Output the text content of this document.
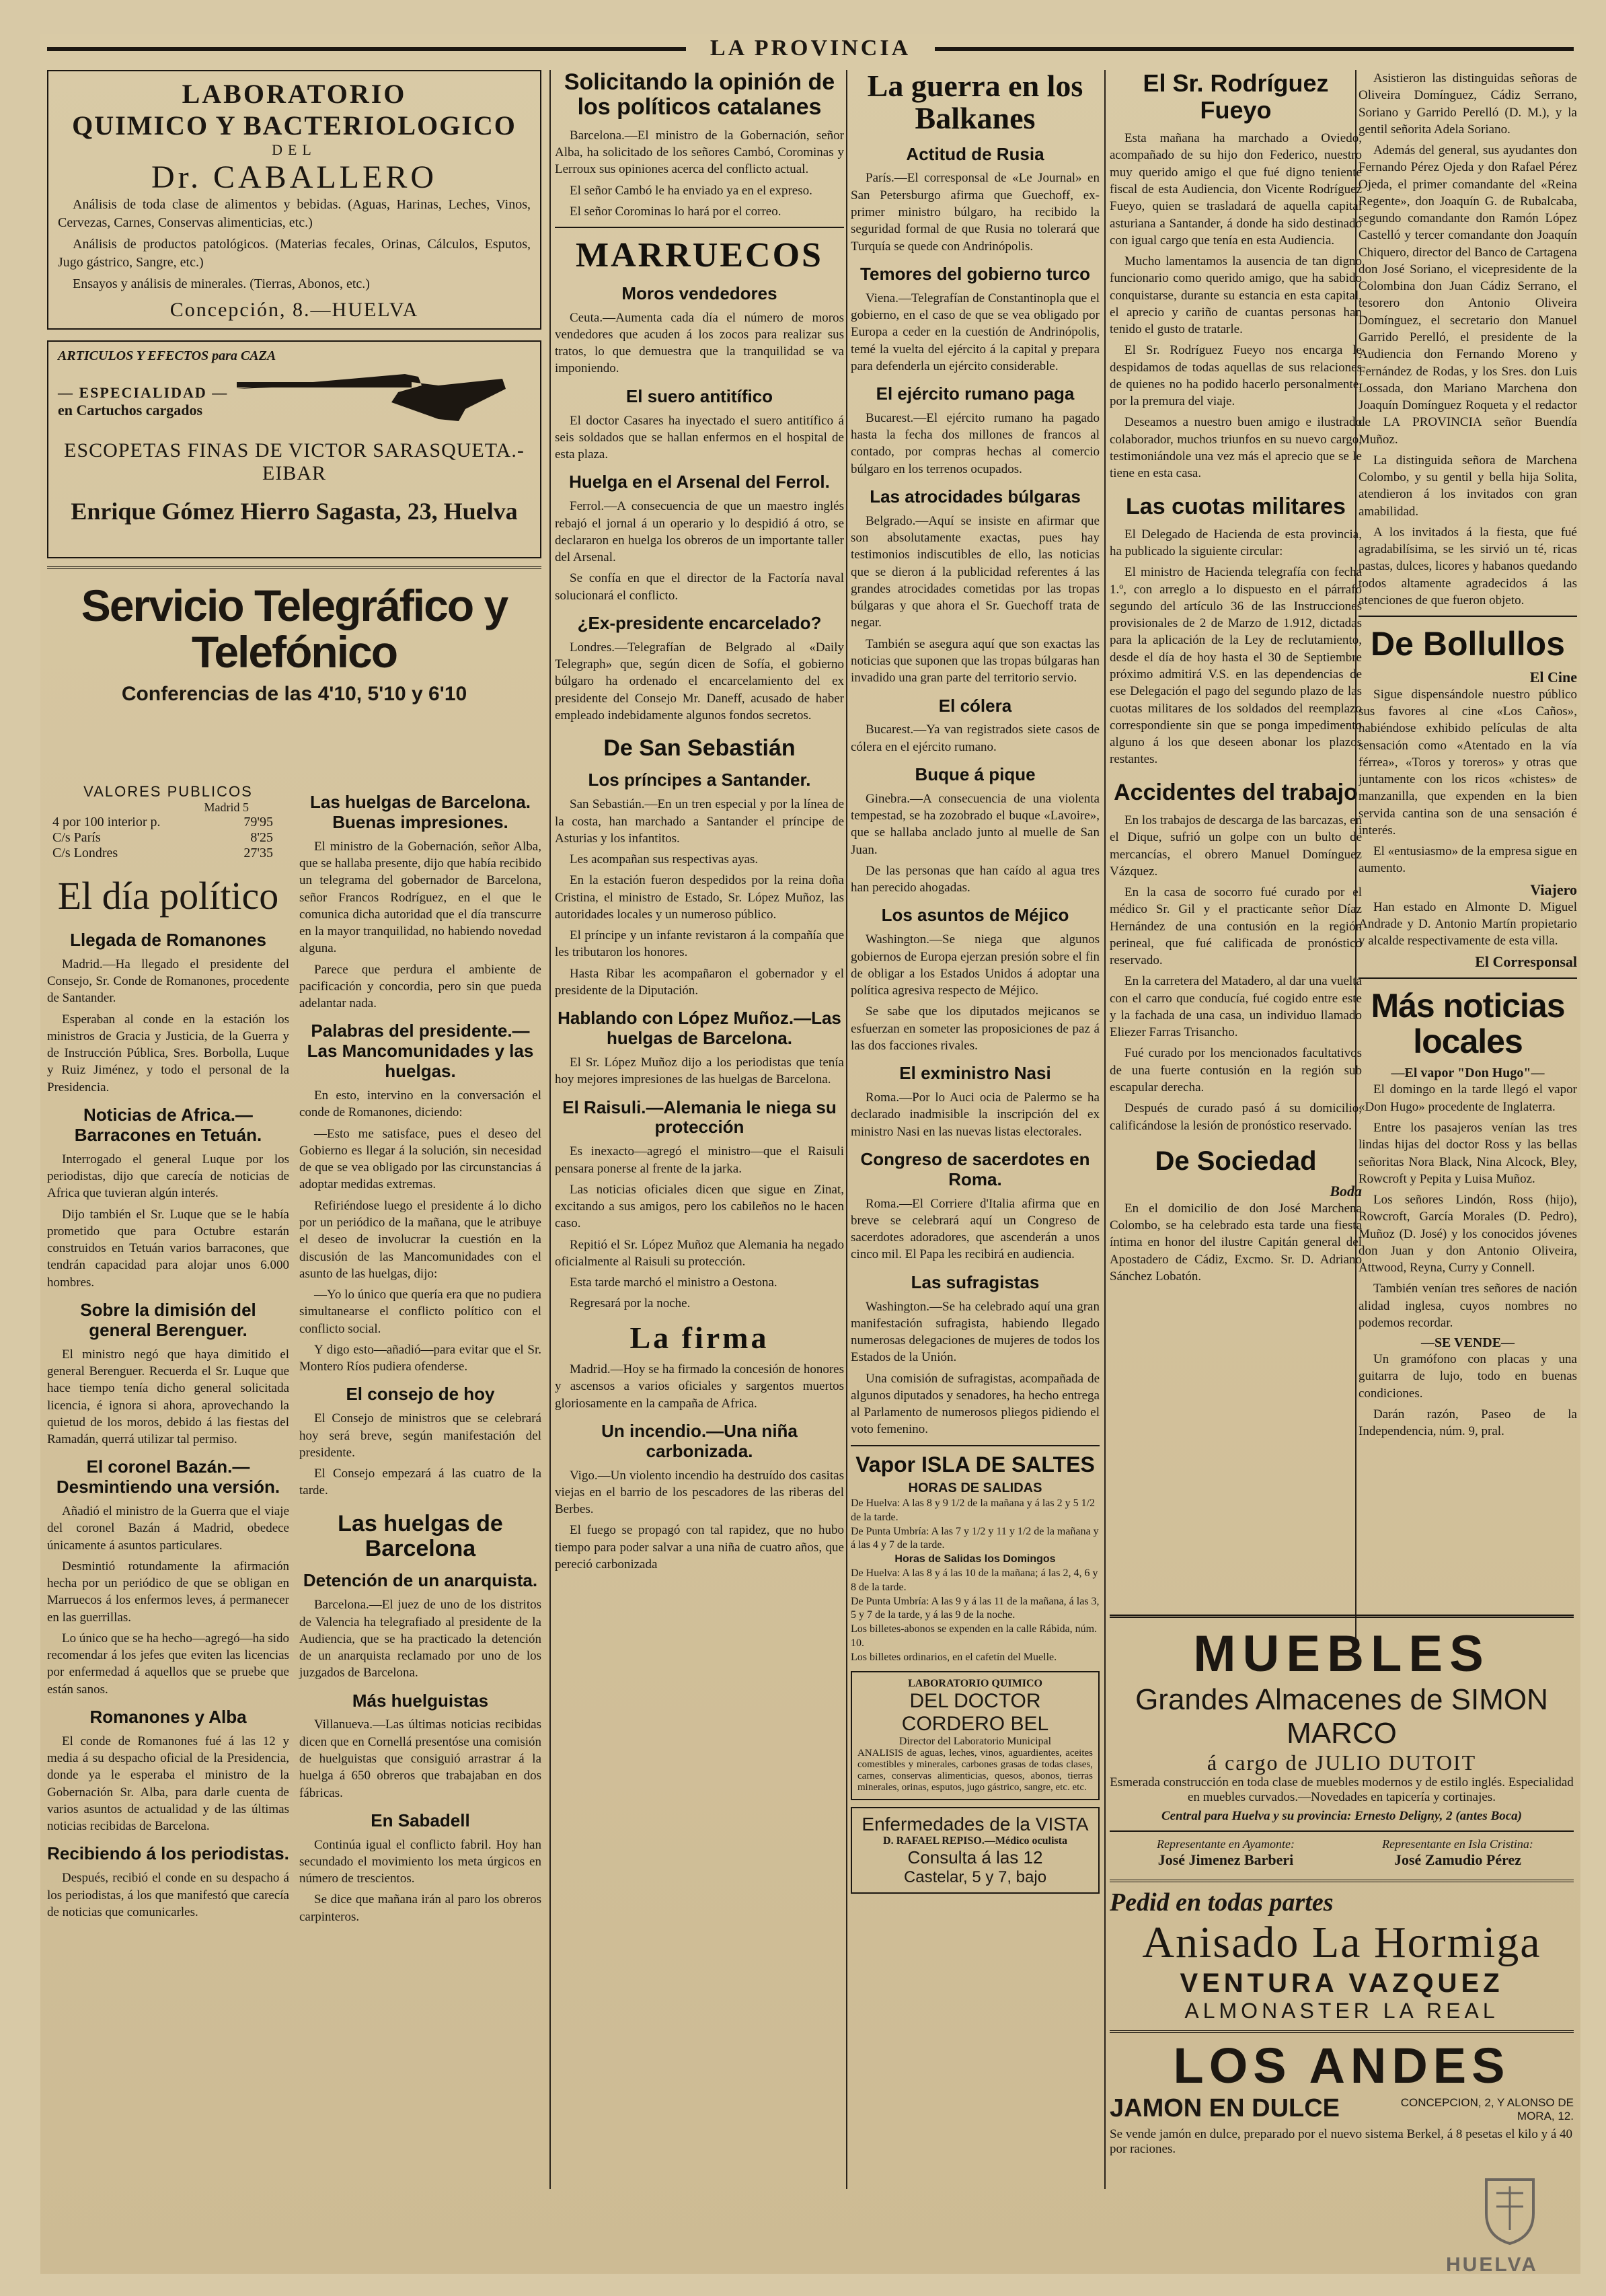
LA PROVINCIA
LABORATORIO
QUIMICO Y BACTERIOLOGICO
DEL
Dr. CABALLERO

Análisis de toda clase de alimentos y bebidas. (Aguas, Harinas, Leches, Vinos, Cervezas, Carnes, Conservas alimenticias, etc.)

Análisis de productos patológicos. (Materias fecales, Orinas, Cálculos, Esputos, Jugo gástrico, Sangre, etc.)

Ensayos y análisis de minerales. (Tierras, Abonos, etc.)

Concepción, 8.—HUELVA
ARTICULOS Y EFECTOS para CAZA
— ESPECIALIDAD —
en Cartuchos cargados
ESCOPETAS FINAS DE VICTOR SARASQUETA.-EIBAR
Enrique Gómez Hierro Sagasta, 23, Huelva
Servicio Telegráfico y Telefónico
Conferencias de las 4'10, 5'10 y 6'10
VALORES PUBLICOS
Madrid 5
4 por 100 interior p.	79'95
C/s París	8'25
C/s Londres	27'35
El día político
Llegada de Romanones

Madrid.—Ha llegado el presidente del Consejo, Sr. Conde de Romanones, procedente de Santander.

Esperaban al conde en la estación los ministros de Gracia y Justicia, de la Guerra y de Instrucción Pública, Sres. Borbolla, Luque y Ruiz Jiménez, y todo el personal de la Presidencia.

Noticias de Africa.—Barracones en Tetuán.

Interrogado el general Luque por los periodistas, dijo que carecía de noticias de Africa que tuvieran algún interés.

Dijo también el Sr. Luque que se le había prometido que para Octubre estarán construidos en Tetuán varios barracones, que tendrán capacidad para alojar unos 6.000 hombres.

Sobre la dimisión del general Berenguer.

El ministro negó que haya dimitido el general Berenguer. Recuerda el Sr. Luque que hace tiempo tenía dicho general solicitada licencia, é ignora si ahora, aprovechando la quietud de los moros, debido á las fiestas del Ramadán, querrá utilizar tal permiso.

El coronel Bazán.—Desmintiendo una versión.

Añadió el ministro de la Guerra que el viaje del coronel Bazán á Madrid, obedece únicamente á asuntos particulares.

Desmintió rotundamente la afirmación hecha por un periódico de que se obligan en Marruecos á los enfermos leves, á permanecer en las guerrillas.

Lo único que se ha hecho—agregó—ha sido recomendar á los jefes que eviten las licencias por enfermedad á aquellos que se pruebe que están sanos.

Romanones y Alba

El conde de Romanones fué á las 12 y media á su despacho oficial de la Presidencia, donde ya le esperaba el ministro de la Gobernación Sr. Alba, para darle cuenta de varios asuntos de actualidad y de las últimas noticias recibidas de Barcelona.

Recibiendo á los periodistas.

Después, recibió el conde en su despacho á los periodistas, á los que manifestó que carecía de noticias que comunicarles.

Las huelgas de Barcelona. Buenas impresiones.

El ministro de la Gobernación, señor Alba, que se hallaba presente, dijo que había recibido un telegrama del gobernador de Barcelona, señor Francos Rodríguez, en el que le comunica dicha autoridad que el día transcurre en la mayor tranquilidad, no habiendo novedad alguna.

Parece que perdura el ambiente de pacificación y concordia, pero sin que pueda adelantar nada.

Palabras del presidente.—Las Mancomunidades y las huelgas.

En esto, intervino en la conversación el conde de Romanones, diciendo:

—Esto me satisface, pues el deseo del Gobierno es llegar á la solución, sin necesidad de que se vea obligado por las circunstancias á adoptar medidas extremas.

Refiriéndose luego el presidente á lo dicho por un periódico de la mañana, que le atribuye el deseo de involucrar la cuestión en la discusión de las Mancomunidades con el asunto de las huelgas, dijo:

—Yo lo único que quería era que no pudiera simultanearse el conflicto político con el conflicto social.

Y digo esto—añadió—para evitar que el Sr. Montero Ríos pudiera ofenderse.

El consejo de hoy

El Consejo de ministros que se celebrará hoy será breve, según manifestación del presidente.

El Consejo empezará á las cuatro de la tarde.

Las huelgas de Barcelona
Detención de un anarquista.

Barcelona.—El juez de uno de los distritos de Valencia ha telegrafiado al presidente de la Audiencia, que se ha practicado la detención de un anarquista reclamado por uno de los juzgados de Barcelona.

Más huelguistas

Villanueva.—Las últimas noticias recibidas dicen que en Cornellá presentóse una comisión de huelguistas que consiguió arrastrar á la huelga á 650 obreros que trabajaban en dos fábricas.

En Sabadell

Continúa igual el conflicto fabril. Hoy han secundado el movimiento los meta úrgicos en número de trescientos.

Se dice que mañana irán al paro los obreros carpinteros.

Solicitando la opinión de los políticos catalanes

Barcelona.—El ministro de la Gobernación, señor Alba, ha solicitado de los señores Cambó, Corominas y Lerroux sus opiniones acerca del conflicto actual.

El señor Cambó le ha enviado ya en el expreso.

El señor Corominas lo hará por el correo.

MARRUECOS
Moros vendedores

Ceuta.—Aumenta cada día el número de moros vendedores que acuden á los zocos para realizar sus tratos, lo que demuestra que la tranquilidad se va imponiendo.

El suero antitífico

El doctor Casares ha inyectado el suero antitífico á seis soldados que se hallan enfermos en el hospital de esta plaza.

Huelga en el Arsenal del Ferrol.

Ferrol.—A consecuencia de que un maestro inglés rebajó el jornal á un operario y lo despidió á otro, se declararon en huelga los obreros de un importante taller del Arsenal.

Se confía en que el director de la Factoría naval solucionará el conflicto.

¿Ex-presidente encarcelado?

Londres.—Telegrafían de Belgrado al «Daily Telegraph» que, según dicen de Sofía, el gobierno búlgaro ha ordenado el encarcelamiento del ex presidente del Consejo Mr. Daneff, acusado de haber empleado indebidamente algunos fondos secretos.

De San Sebastián
Los príncipes a Santander.

San Sebastián.—En un tren especial y por la línea de la costa, han marchado a Santander el príncipe de Asturias y los infantitos.

Les acompañan sus respectivas ayas.

En la estación fueron despedidos por la reina doña Cristina, el ministro de Estado, Sr. López Muñoz, las autoridades locales y un numeroso público.

El príncipe y un infante revistaron á la compañía que les tributaron los honores.

Hasta Ribar les acompañaron el gobernador y el presidente de la Diputación.

Hablando con López Muñoz.—Las huelgas de Barcelona.

El Sr. López Muñoz dijo a los periodistas que tenía hoy mejores impresiones de las huelgas de Barcelona.

El Raisuli.—Alemania le niega su protección

Es inexacto—agregó el ministro—que el Raisuli pensara ponerse al frente de la jarka.

Las noticias oficiales dicen que sigue en Zinat, excitando a sus amigos, pero los cabileños no le hacen caso.

Repitió el Sr. López Muñoz que Alemania ha negado oficialmente al Raisuli su protección.

Esta tarde marchó el ministro a Oestona.

Regresará por la noche.

La firma

Madrid.—Hoy se ha firmado la concesión de honores y ascensos a varios oficiales y sargentos muertos gloriosamente en la campaña de Africa.

Un incendio.—Una niña carbonizada.

Vigo.—Un violento incendio ha destruído dos casitas viejas en el barrio de los pescadores de las riberas del Berbes.

El fuego se propagó con tal rapidez, que no hubo tiempo para poder salvar a una niña de cuatro años, que pereció carbonizada

La guerra en los Balkanes
Actitud de Rusia

París.—El corresponsal de «Le Journal» en San Petersburgo afirma que Guechoff, ex-primer ministro búlgaro, ha recibido la seguridad formal de que Rusia no tolerará que Turquía se quede con Andrinópolis.

Temores del gobierno turco

Viena.—Telegrafían de Constantinopla que el gobierno, en el caso de que se vea obligado por Europa a ceder en la cuestión de Andrinópolis, temé la vuelta del ejército á la capital y prepara para defenderla un ejército considerable.

El ejército rumano paga

Bucarest.—El ejército rumano ha pagado hasta la fecha dos millones de francos al contado, por compras hechas al comercio búlgaro en los terrenos ocupados.

Las atrocidades búlgaras

Belgrado.—Aquí se insiste en afirmar que son absolutamente exactas, pues hay testimonios indiscutibles de ello, las noticias que se dieron á la publicidad referentes á las grandes atrocidades cometidas por las tropas búlgaras y que ahora el Sr. Guechoff trata de negar.

También se asegura aquí que son exactas las noticias que suponen que las tropas búlgaras han invadido una gran parte del territorio servio.

El cólera

Bucarest.—Ya van registrados siete casos de cólera en el ejército rumano.

Buque á pique

Ginebra.—A consecuencia de una violenta tempestad, se ha zozobrado el buque «Lavoire», que se hallaba anclado junto al muelle de San Juan.

De las personas que han caído al agua tres han perecido ahogadas.

Los asuntos de Méjico

Washington.—Se niega que algunos gobiernos de Europa ejerzan presión sobre el fin de obligar a los Estados Unidos á adoptar una política agresiva respecto de Méjico.

Se sabe que los diputados mejicanos se esfuerzan en someter las proposiciones de paz á las dos facciones rivales.

El exministro Nasi

Roma.—Por lo Auci ocia de Palermo se ha declarado inadmisible la inscripción del ex ministro Nasi en las nuevas listas electorales.

Congreso de sacerdotes en Roma.

Roma.—El Corriere d'Italia afirma que en breve se celebrará aquí un Congreso de sacerdotes adoradores, que ascenderán a unos cinco mil. El Papa les recibirá en audiencia.

Las sufragistas

Washington.—Se ha celebrado aquí una gran manifestación sufragista, habiendo llegado numerosas delegaciones de mujeres de todos los Estados de la Unión.

Una comisión de sufragistas, acompañada de algunos diputados y senadores, ha hecho entrega al Parlamento de numerosos pliegos pidiendo el voto femenino.

Vapor ISLA DE SALTES
HORAS DE SALIDAS
De Huelva: A las 8 y 9 1/2 de la mañana y á las 2 y 5 1/2 de la tarde.
De Punta Umbría: A las 7 y 1/2 y 11 y 1/2 de la mañana y á las 4 y 7 de la tarde.
Horas de Salidas los Domingos
De Huelva: A las 8 y á las 10 de la mañana; á las 2, 4, 6 y 8 de la tarde.
De Punta Umbría: A las 9 y á las 11 de la mañana, á las 3, 5 y 7 de la tarde, y á las 9 de la noche.
Los billetes-abonos se expenden en la calle Rábida, núm. 10.
Los billetes ordinarios, en el cafetín del Muelle.
LABORATORIO QUIMICO
DEL DOCTOR CORDERO BEL
Director del Laboratorio Municipal
ANALISIS de aguas, leches, vinos, aguardientes, aceites comestibles y minerales, carbones grasas de todas clases, carnes, conservas alimenticias, quesos, abonos, tierras minerales, orinas, esputos, jugo gástrico, sangre, etc. etc.
Enfermedades de la VISTA
D. RAFAEL REPISO.—Médico oculista
Consulta á las 12
Castelar, 5 y 7, bajo
El Sr. Rodríguez Fueyo

Esta mañana ha marchado a Oviedo, acompañado de su hijo don Federico, nuestro muy querido amigo el que fué digno teniente fiscal de esta Audiencia, don Vicente Rodríguez Fueyo, quien se trasladará de aquella capital asturiana a Santander, á donde ha sido destinado con igual cargo que tenía en esta Audiencia.

Mucho lamentamos la ausencia de tan digno funcionario como querido amigo, que ha sabido conquistarse, durante su estancia en esta capital, el aprecio y cariño de cuantas personas han tenido el gusto de tratarle.

El Sr. Rodríguez Fueyo nos encarga le despidamos de todas aquellas de sus relaciones de quienes no ha podido hacerlo personalmente, por la premura del viaje.

Deseamos a nuestro buen amigo e ilustrado colaborador, muchos triunfos en su nuevo cargo, testimoniándole una vez más el aprecio que se le tiene en esta casa.

Las cuotas militares

El Delegado de Hacienda de esta provincia, ha publicado la siguiente circular:

El ministro de Hacienda telegrafía con fecha 1.º, con arreglo a lo dispuesto en el párrafo segundo del artículo 36 de las Instrucciones provisionales de 2 de Marzo de 1.912, dictadas para la aplicación de la Ley de reclutamiento, desde el día de hoy hasta el 30 de Septiembre próximo admitirá V.S. en las dependencias de ese Delegación el pago del segundo plazo de las cuotas militares de los soldados del reemplazo correspondiente sin que se ponga impedimento alguno á los que deseen abonar los plazos restantes.

Accidentes del trabajo

En los trabajos de descarga de las barcazas, en el Dique, sufrió un golpe con un bulto de mercancías, el obrero Manuel Domínguez Vázquez.

En la casa de socorro fué curado por el médico Sr. Gil y el practicante señor Díaz Hernández de una contusión en la región perineal, que fué calificada de pronóstico reservado.

En la carretera del Matadero, al dar una vuelta con el carro que conducía, fué cogido entre este y la fachada de una casa, un individuo llamado Eliezer Farras Trisancho.

Fué curado por los mencionados facultativos de una fuerte contusión en la región sub escapular derecha.

Después de curado pasó á su domicilio, calificándose la lesión de pronóstico reservado.

De Sociedad
Boda

En el domicilio de don José Marchena Colombo, se ha celebrado esta tarde una fiesta íntima en honor del ilustre Capitán general del Apostadero de Cádiz, Excmo. Sr. D. Adriano Sánchez Lobatón.

Asistieron las distinguidas señoras de Oliveira Domínguez, Cádiz Serrano, Soriano y Garrido Perelló (D. M.), y la gentil señorita Adela Soriano.

Además del general, sus ayudantes don Fernando Pérez Ojeda y don Rafael Pérez Ojeda, el primer comandante del «Reina Regente», don Joaquín G. de Rubalcaba, segundo comandante don Ramón López Castelló y tercer comandante don Joaquín Chiquero, director del Banco de Cartagena don José Soriano, el vicepresidente de la Colombina don Juan Cádiz Serrano, el tesorero don Antonio Oliveira Domínguez, el secretario don Manuel Garrido Perelló, el presidente de la Audiencia don Fernando Moreno y Fernández de Rodas, y los Sres. don Luis Lossada, don Mariano Marchena don Joaquín Domínguez Roqueta y el redactor de LA PROVINCIA señor Buendía Muñoz.

La distinguida señora de Marchena Colombo, y su gentil y bella hija Solita, atendieron á los invitados con gran amabilidad.

A los invitados á la fiesta, que fué agradabilísima, se les sirvió un té, ricas pastas, dulces, licores y habanos quedando todos altamente agradecidos á las atenciones de que fueron objeto.

De Bollullos
El Cine

Sigue dispensándole nuestro público sus favores al cine «Los Caños», habiéndose exhibido películas de alta sensación como «Atentado en la vía férrea», «Toros y toreros» y otras que juntamente con los ricos «chistes» de manzanilla, que expenden en la bien servida cantina son de una sensación é interés.

El «entusiasmo» de la empresa sigue en aumento.

Viajero

Han estado en Almonte D. Miguel Andrade y D. Antonio Martín propietario y alcalde respectivamente de esta villa.

El Corresponsal
Más noticias locales
—El vapor "Don Hugo"—

El domingo en la tarde llegó el vapor «Don Hugo» procedente de Inglaterra.

Entre los pasajeros venían las tres lindas hijas del doctor Ross y las bellas señoritas Nora Black, Nina Alcock, Bley, Rowcroft y Pepita y Luisa Muñoz.

Los señores Lindón, Ross (hijo), Rowcroft, García Morales (D. Pedro), Muñoz (D. José) y los conocidos jóvenes don Juan y don Antonio Oliveira, Attwood, Reyna, Curry y Connell.

También venían tres señores de nación alidad inglesa, cuyos nombres no podemos recordar.

—SE VENDE—

Un gramófono con placas y una guitarra de lujo, todo en buenas condiciones.

Darán razón, Paseo de la Independencia, núm. 9, pral.

MUEBLES
Grandes Almacenes de SIMON MARCO
á cargo de JULIO DUTOIT
Esmerada construcción en toda clase de muebles modernos y de estilo inglés. Especialidad en muebles curvados.—Novedades en tapicería y cortinajes.
Central para Huelva y su provincia: Ernesto Deligny, 2 (antes Boca)
Representante en Ayamonte:
José Jimenez Barberi
Representante en Isla Cristina:
José Zamudio Pérez
Pedid en todas partes
Anisado La Hormiga
VENTURA VAZQUEZ
ALMONASTER LA REAL
LOS ANDES
JAMON EN DULCE	CONCEPCION, 2, Y ALONSO DE MORA, 12.
Se vende jamón en dulce, preparado por el nuevo sistema Berkel, á 8 pesetas el kilo y á 40 por raciones.
HUELVA
